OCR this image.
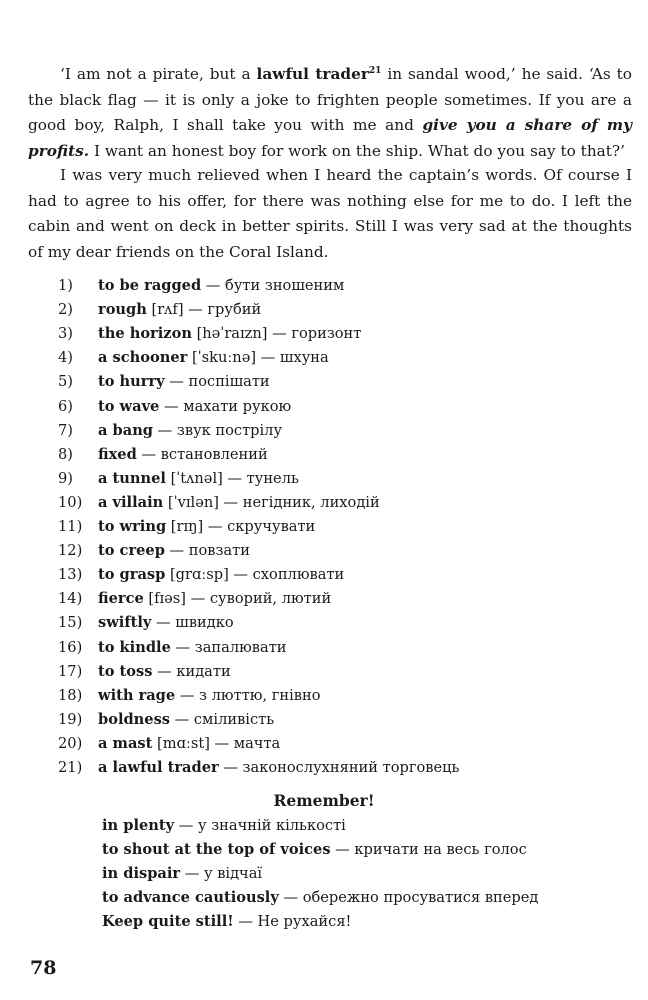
‘I am not a pirate, but a lawful trader$^{21}$ in sandal wood,’ he said. ‘As to the black flag — it is only a joke to frighten people sometimes. If you are a good boy, Ralph, I shall take you with me and give you a share of my profits. I want an honest boy for work on the ship. What do you say to that?’

I was very much relieved when I heard the captain’s words. Of course I had to agree to his offer, for there was nothing else for me to do. I left the cabin and went on deck in better spirits. Still I was very sad at the thoughts of my dear friends on the Coral Island.

1)	to be ragged — бути зношеним
2)	rough [rʌf] — грубий
3)	the horizon [həˈraɪzn] — горизонт
4)	a schooner [ˈskuːnə] — шхуна
5)	to hurry — поспішати
6)	to wave — махати рукою
7)	a bang — звук пострілу
8)	fixed — встановлений
9)	a tunnel [ˈtʌnəl] — тунель
10)	a villain [ˈvɪlən] — негідник, лиходій
11)	to wring [rɪŋ] — скручувати
12)	to creep — повзати
13)	to grasp [grɑːsp] — схоплювати
14)	fierce [fɪəs] — суворий, лютий
15)	swiftly — швидко
16)	to kindle — запалювати
17)	to toss — кидати
18)	with rage — з люттю, гнівно
19)	boldness — сміливість
20)	a mast [mɑːst] — мачта
21)	a lawful trader — законослухняний торговець
Remember!
in plenty — у значній кількості
to shout at the top of voices — кричати на весь голос
in dispair — у відчаї
to advance cautiously — обережно просуватися вперед
Keep quite still! — Не рухайся!
78
